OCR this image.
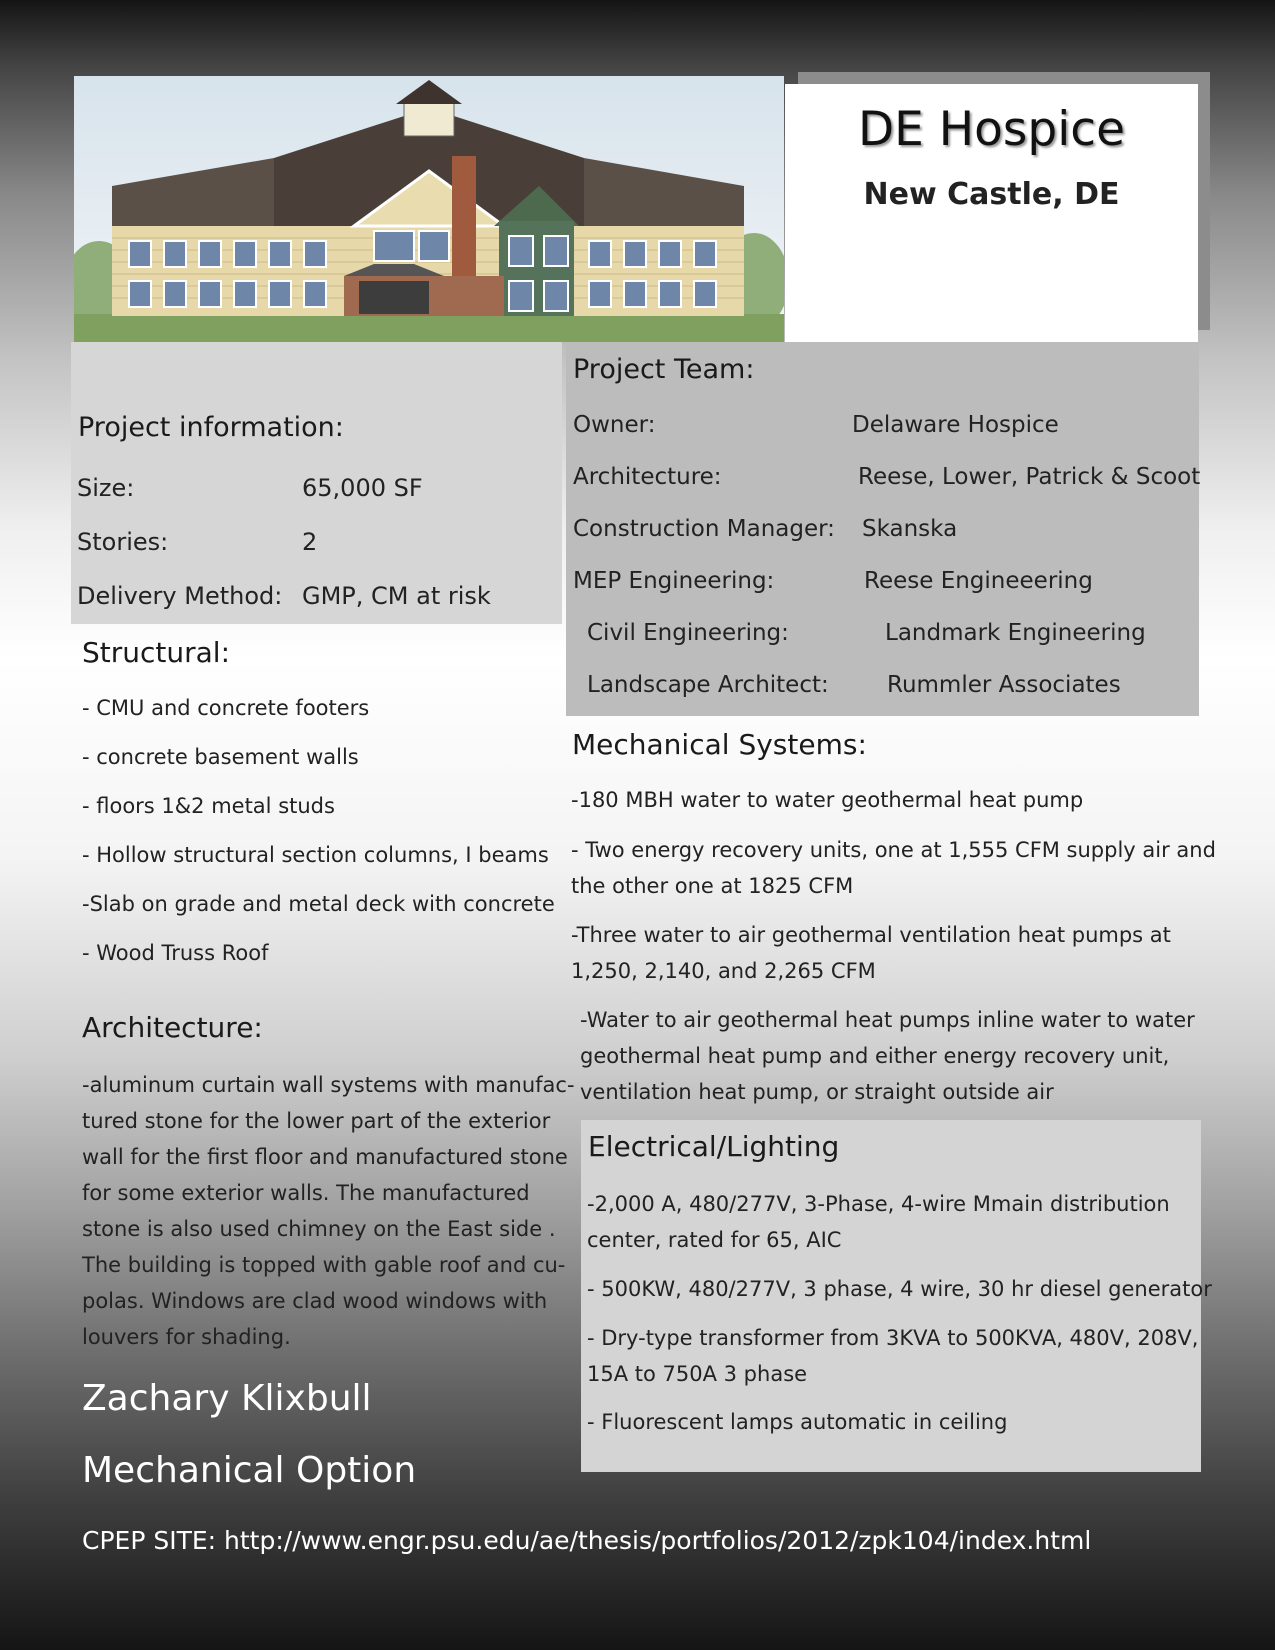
DE Hospice
New Castle, DE
Project information:
Size:	65,000 SF
Stories:	2
Delivery Method: GMP, CM at risk
Project Team:
Owner:	Delaware Hospice
Architecture:	Reese, Lower, Patrick & Scoot
Construction Manager: Skanska
MEP Engineering:	Reese Engineeering
Civil Engineering:	Landmark Engineering
Landscape Architect:	Rummler Associates
Structural:
- CMU and concrete footers
- concrete basement walls
- floors 1&2 metal studs
- Hollow structural section columns, I beams
-Slab on grade and metal deck with concrete
- Wood Truss Roof
Architecture:
-aluminum curtain wall systems with manufac-
tured stone for the lower part of the exterior
wall for the first floor and manufactured stone
for some exterior walls. The manufactured
stone is also used chimney on the East side .
The building is topped with gable roof and cu-
polas. Windows are clad wood windows with
louvers for shading.
Mechanical Systems:
-180 MBH water to water geothermal heat pump
- Two energy recovery units, one at 1,555 CFM supply air and
the other one at 1825 CFM
-Three water to air geothermal ventilation heat pumps at
1,250, 2,140, and 2,265 CFM
-Water to air geothermal heat pumps inline water to water
geothermal heat pump and either energy recovery unit,
ventilation heat pump, or straight outside air
Electrical/Lighting
-2,000 A, 480/277V, 3-Phase, 4-wire Mmain distribution
center, rated for 65, AIC
- 500KW, 480/277V, 3 phase, 4 wire, 30 hr diesel generator
- Dry-type transformer from 3KVA to 500KVA, 480V, 208V,
15A to 750A 3 phase
- Fluorescent lamps automatic in ceiling
Zachary Klixbull
Mechanical Option
CPEP SITE: http://www.engr.psu.edu/ae/thesis/portfolios/2012/zpk104/index.html
